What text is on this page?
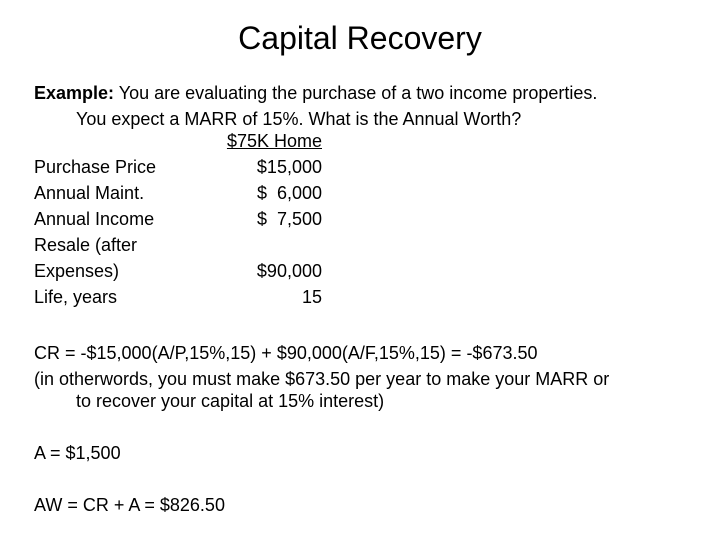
Capital Recovery
Example: You are evaluating the purchase of a two income properties.
You expect a MARR of 15%. What is the Annual Worth?
$75K Home
Purchase Price	$15,000
Annual Maint.	$  6,000
Annual Income	$  7,500
Resale (after
Expenses)	$90,000
Life, years	15
CR = -$15,000(A/P,15%,15) + $90,000(A/F,15%,15) = -$673.50
(in otherwords, you must make $673.50 per year to make your MARR or
to recover your capital at 15% interest)
A = $1,500
AW = CR + A = $826.50
